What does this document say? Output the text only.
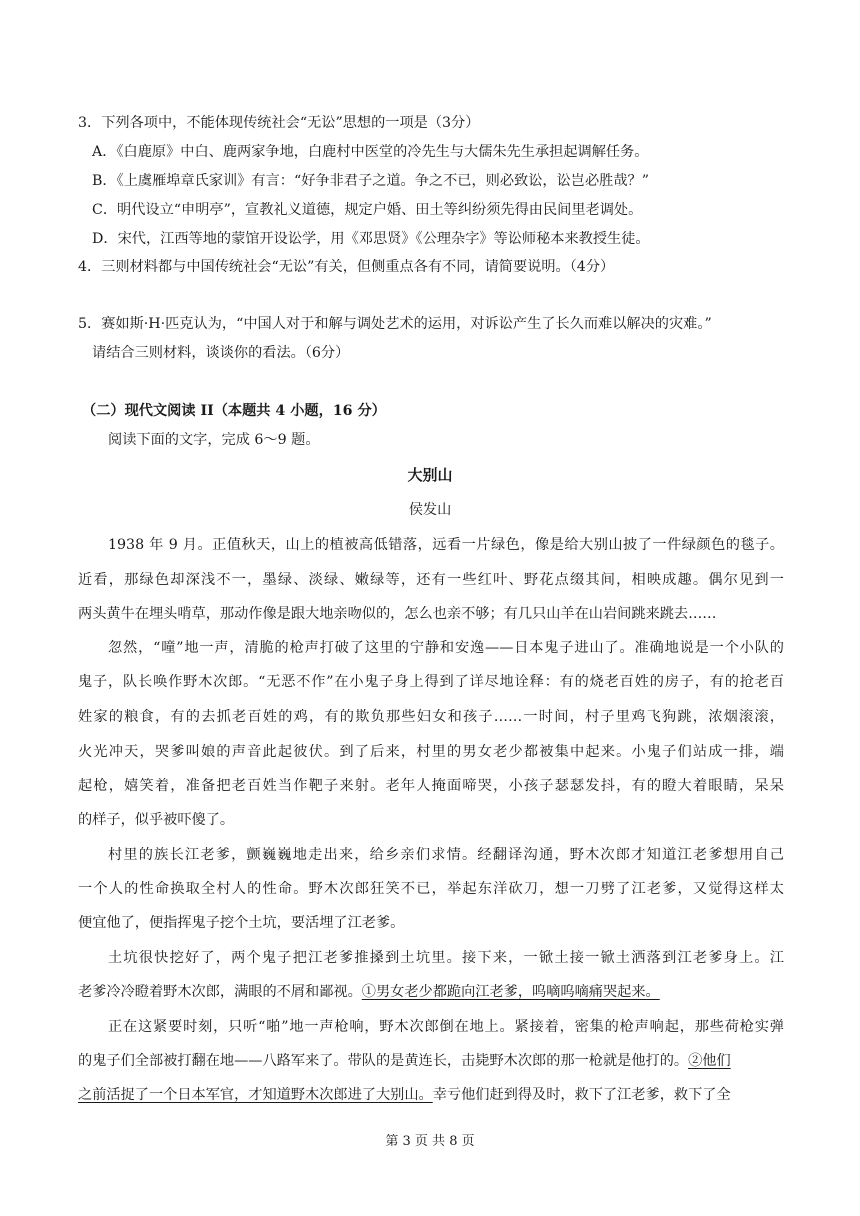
3．下列各项中，不能体现传统社会“无讼”思想的一项是（3分）
A．《白鹿原》中白、鹿两家争地，白鹿村中医堂的冷先生与大儒朱先生承担起调解任务。
B．《上虞雁埠章氏家训》有言：“好争非君子之道。争之不已，则必致讼，讼岂必胜哉？”
C．明代设立“申明亭”，宣教礼义道德，规定户婚、田土等纠纷须先得由民间里老调处。
D．宋代，江西等地的蒙馆开设讼学，用《邓思贤》《公理杂字》等讼师秘本来教授生徒。
4．三则材料都与中国传统社会“无讼”有关，但侧重点各有不同，请简要说明。（4分）
5．赛如斯·H·匹克认为，“中国人对于和解与调处艺术的运用，对诉讼产生了长久而难以解决的灾难。”
请结合三则材料，谈谈你的看法。（6分）
（二）现代文阅读 II（本题共 4 小题，16 分）
阅读下面的文字，完成 6～9 题。
大别山
侯发山
1938 年 9 月。正值秋天，山上的植被高低错落，远看一片绿色，像是给大别山披了一件绿颜色的毯子。
近看，那绿色却深浅不一，墨绿、淡绿、嫩绿等，还有一些红叶、野花点缀其间，相映成趣。偶尔见到一
两头黄牛在埋头啃草，那动作像是跟大地亲吻似的，怎么也亲不够；有几只山羊在山岩间跳来跳去……
忽然，“噇”地一声，清脆的枪声打破了这里的宁静和安逸——日本鬼子进山了。准确地说是一个小队的
鬼子，队长唤作野木次郎。“无恶不作”在小鬼子身上得到了详尽地诠释：有的烧老百姓的房子，有的抢老百
姓家的粮食，有的去抓老百姓的鸡，有的欺负那些妇女和孩子……一时间，村子里鸡飞狗跳，浓烟滚滚，
火光冲天，哭爹叫娘的声音此起彼伏。到了后来，村里的男女老少都被集中起来。小鬼子们站成一排，端
起枪，嬉笑着，准备把老百姓当作靶子来射。老年人掩面啼哭，小孩子瑟瑟发抖，有的瞪大着眼睛，呆呆
的样子，似乎被吓傻了。
村里的族长江老爹，颤巍巍地走出来，给乡亲们求情。经翻译沟通，野木次郎才知道江老爹想用自己
一个人的性命换取全村人的性命。野木次郎狂笑不已，举起东洋砍刀，想一刀劈了江老爹，又觉得这样太
便宜他了，便指挥鬼子挖个土坑，要活埋了江老爹。
土坑很快挖好了，两个鬼子把江老爹推搡到土坑里。接下来，一锨土接一锨土洒落到江老爹身上。江
老爹冷冷瞪着野木次郎，满眼的不屑和鄙视。①男女老少都跪向江老爹，呜嘀呜嘀痛哭起来。
正在这紧要时刻，只听“啪”地一声枪响，野木次郎倒在地上。紧接着，密集的枪声响起，那些荷枪实弹
的鬼子们全部被打翻在地——八路军来了。带队的是黄连长，击毙野木次郎的那一枪就是他打的。②他们
之前活捉了一个日本军官，才知道野木次郎进了大别山。幸亏他们赶到得及时，救下了江老爹，救下了全
第 3 页 共 8 页
